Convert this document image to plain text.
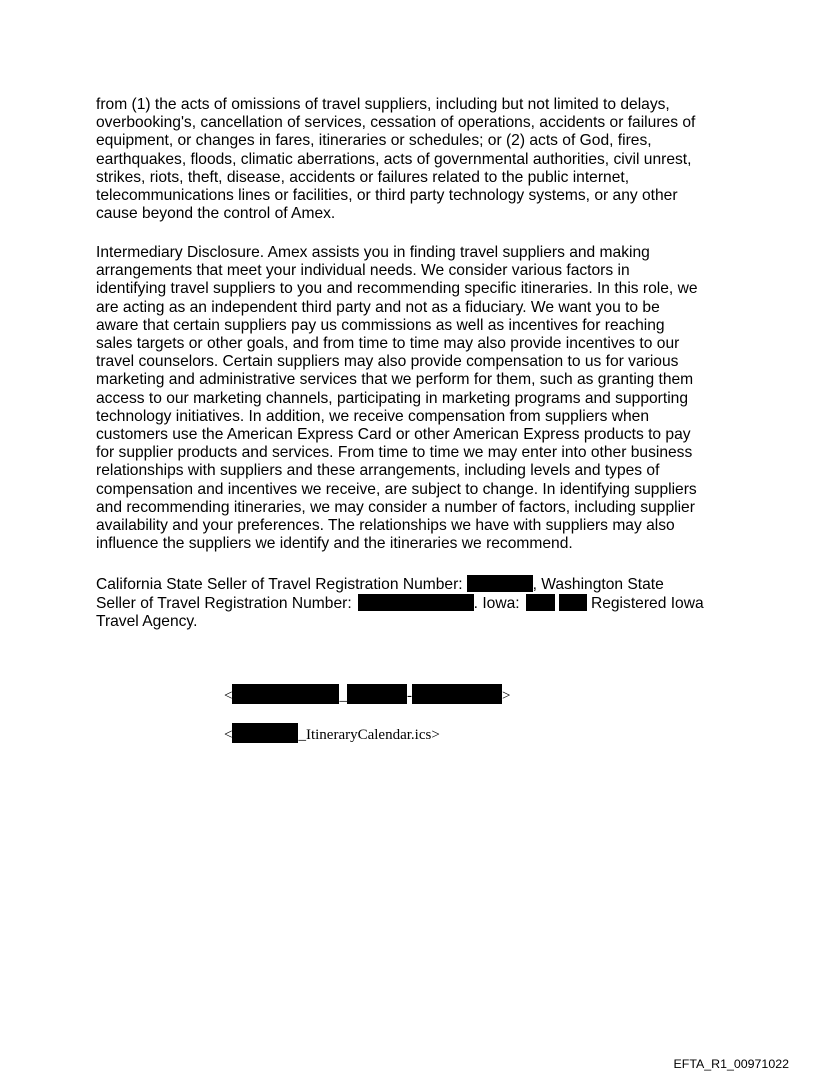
from (1) the acts of omissions of travel suppliers, including but not limited to delays,
overbooking's, cancellation of services, cessation of operations, accidents or failures of
equipment, or changes in fares, itineraries or schedules; or (2) acts of God, fires,
earthquakes, floods, climatic aberrations, acts of governmental authorities, civil unrest,
strikes, riots, theft, disease, accidents or failures related to the public internet,
telecommunications lines or facilities, or third party technology systems, or any other
cause beyond the control of Amex.
Intermediary Disclosure. Amex assists you in finding travel suppliers and making
arrangements that meet your individual needs. We consider various factors in
identifying travel suppliers to you and recommending specific itineraries. In this role, we
are acting as an independent third party and not as a fiduciary. We want you to be
aware that certain suppliers pay us commissions as well as incentives for reaching
sales targets or other goals, and from time to time may also provide incentives to our
travel counselors. Certain suppliers may also provide compensation to us for various
marketing and administrative services that we perform for them, such as granting them
access to our marketing channels, participating in marketing programs and supporting
technology initiatives. In addition, we receive compensation from suppliers when
customers use the American Express Card or other American Express products to pay
for supplier products and services. From time to time we may enter into other business
relationships with suppliers and these arrangements, including levels and types of
compensation and incentives we receive, are subject to change. In identifying suppliers
and recommending itineraries, we may consider a number of factors, including supplier
availability and your preferences. The relationships we have with suppliers may also
influence the suppliers we identify and the itineraries we recommend.
California State Seller of Travel Registration Number:	, Washington State
Seller of Travel Registration Number:	. Iowa:	Registered Iowa
Travel Agency.
<	_	-	>
<	_ItineraryCalendar.ics>
EFTA_R1_00971022
